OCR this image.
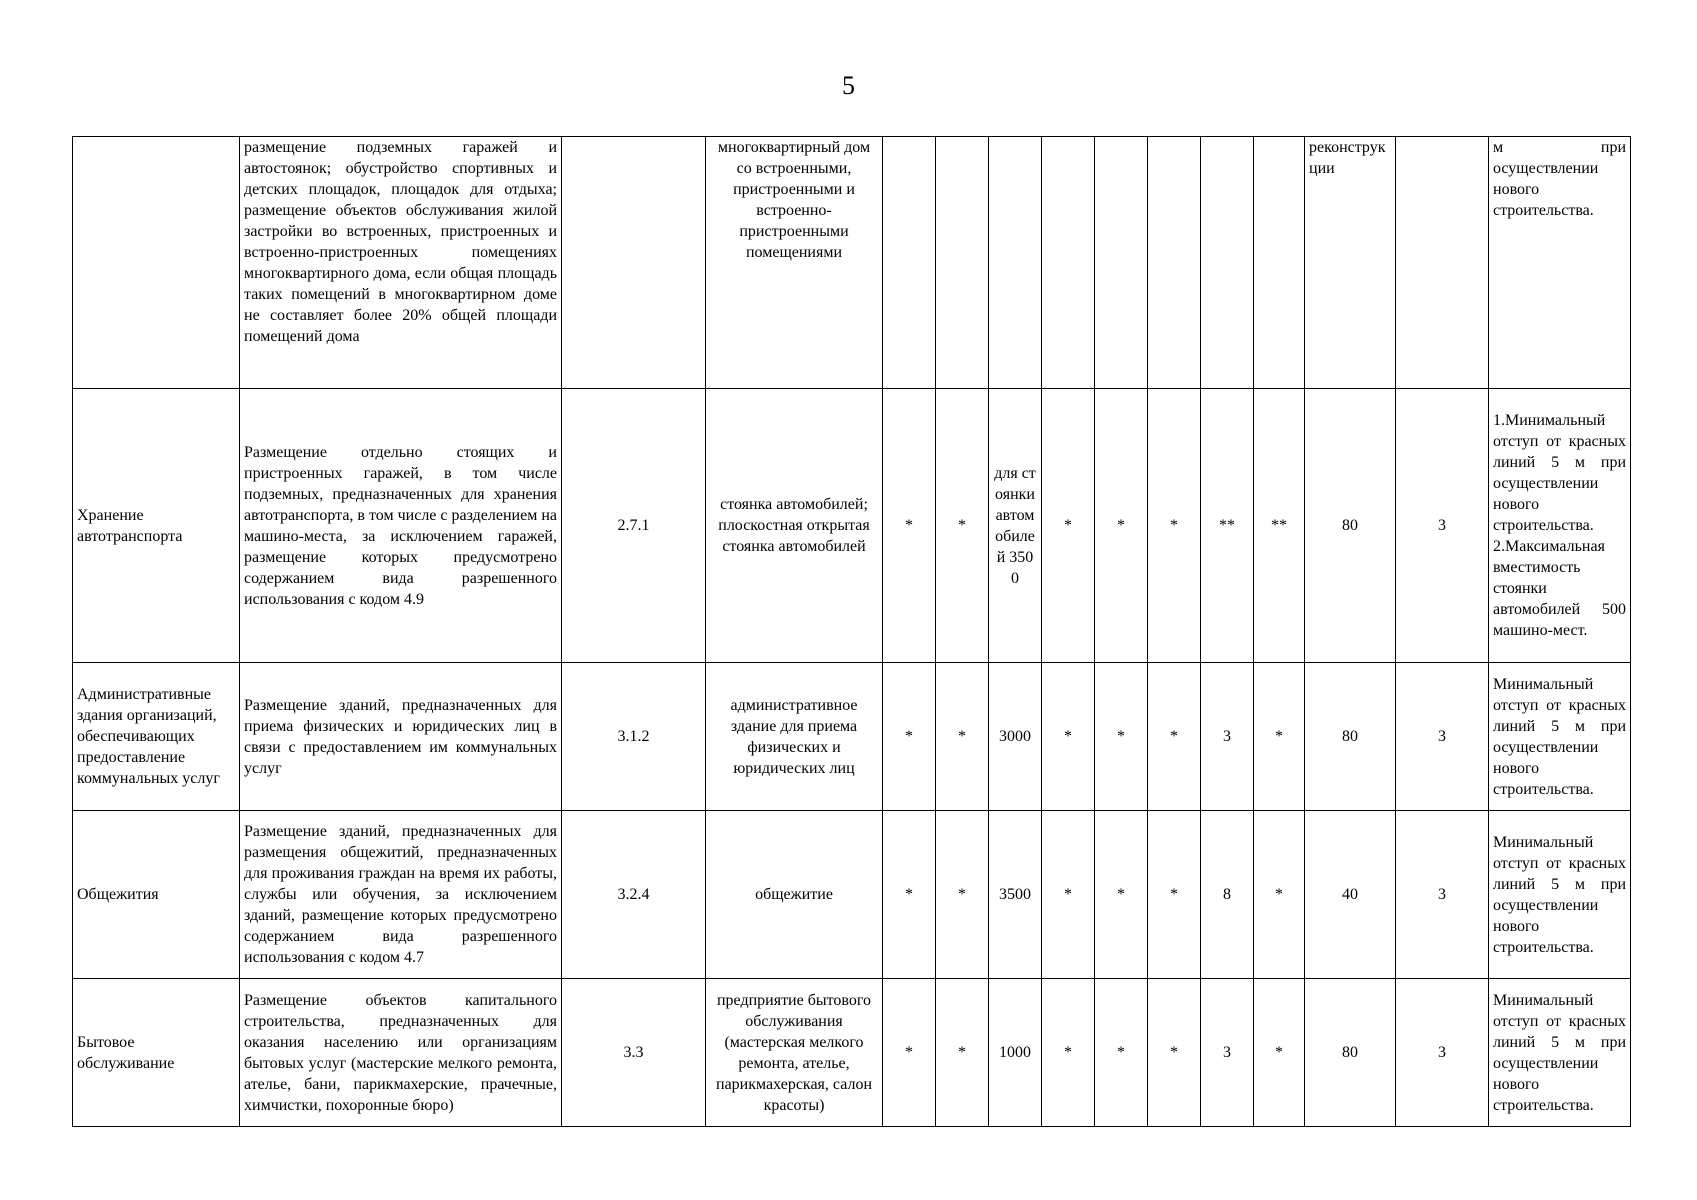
5
	размещение подземных гаражей и автостоянок; обустройство спортивных и детских площадок, площадок для отдыха; размещение объектов обслуживания жилой застройки во встроенных, пристроенных и встроенно-пристроенных помещениях многоквартирного дома, если общая площадь таких помещений в многоквартирном доме не составляет более 20% общей площади помещений дома		многоквартирный дом со встроенными, пристроенными и встроенно-пристроенными помещениями									реконструкции		м при осуществлении нового строительства.
Хранение автотранспорта	Размещение отдельно стоящих и пристроенных гаражей, в том числе подземных, предназначенных для хранения автотранспорта, в том числе с разделением на машино-места, за исключением гаражей, размещение которых предусмотрено содержанием вида разрешенного использования с кодом 4.9	2.7.1	стоянка автомобилей; плоскостная открытая стоянка автомобилей	*	*	для стоянки автомобилей 3500	*	*	*	**	**	80	3	1.Минимальный отступ от красных линий 5 м при осуществлении нового строительства. 2.Максимальная вместимость стоянки автомобилей 500 машино-мест.
Административные здания организаций, обеспечивающих предоставление коммунальных услуг	Размещение зданий, предназначенных для приема физических и юридических лиц в связи с предоставлением им коммунальных услуг	3.1.2	административное здание для приема физических и юридических лиц	*	*	3000	*	*	*	3	*	80	3	Минимальный отступ от красных линий 5 м при осуществлении нового строительства.
Общежития	Размещение зданий, предназначенных для размещения общежитий, предназначенных для проживания граждан на время их работы, службы или обучения, за исключением зданий, размещение которых предусмотрено содержанием вида разрешенного использования с кодом 4.7	3.2.4	общежитие	*	*	3500	*	*	*	8	*	40	3	Минимальный отступ от красных линий 5 м при осуществлении нового строительства.
Бытовое обслуживание	Размещение объектов капитального строительства, предназначенных для оказания населению или организациям бытовых услуг (мастерские мелкого ремонта, ателье, бани, парикмахерские, прачечные, химчистки, похоронные бюро)	3.3	предприятие бытового обслуживания (мастерская мелкого ремонта, ателье, парикмахерская, салон красоты)	*	*	1000	*	*	*	3	*	80	3	Минимальный отступ от красных линий 5 м при осуществлении нового строительства.
